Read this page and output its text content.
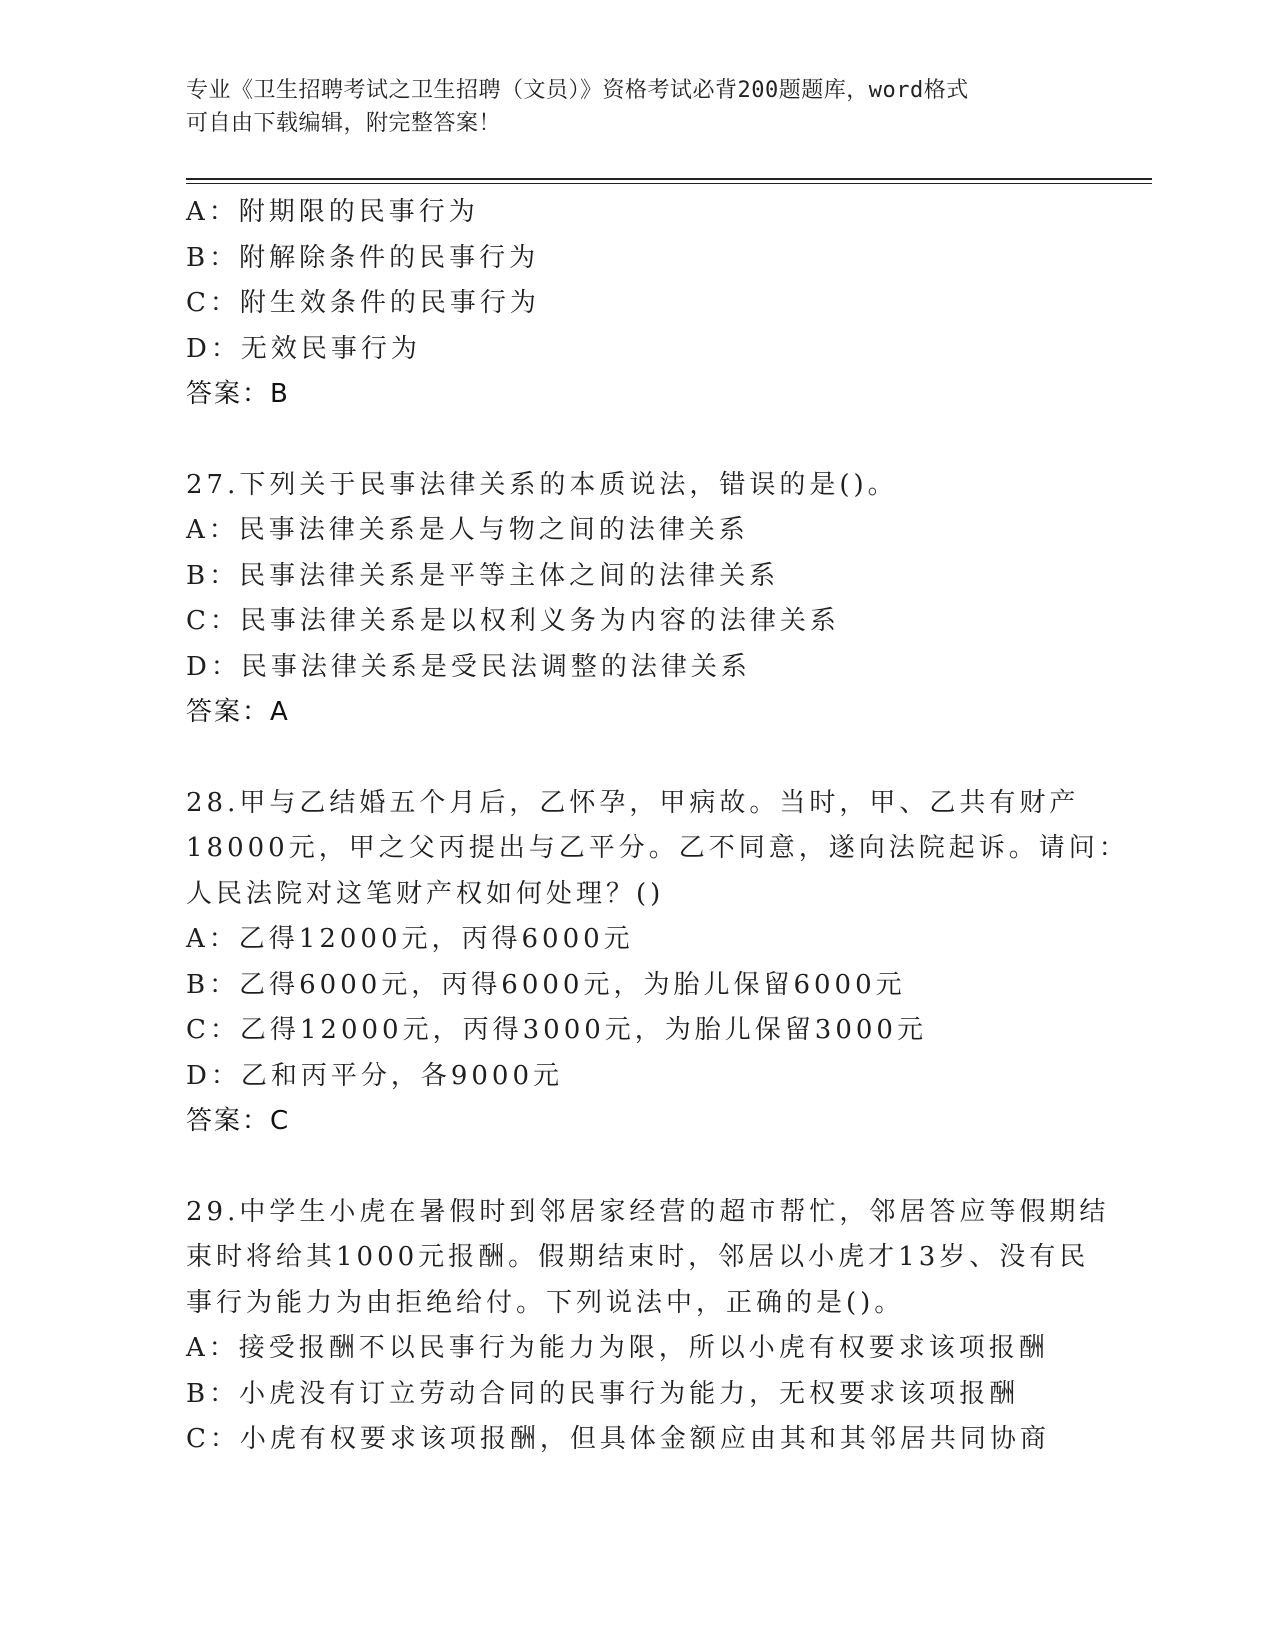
专业《卫生招聘考试之卫生招聘（文员）》资格考试必背200题题库，word格式
可自由下载编辑，附完整答案！
A：附期限的民事行为
B：附解除条件的民事行为
C：附生效条件的民事行为
D：无效民事行为
答案：B
27.下列关于民事法律关系的本质说法，错误的是()。
A：民事法律关系是人与物之间的法律关系
B：民事法律关系是平等主体之间的法律关系
C：民事法律关系是以权利义务为内容的法律关系
D：民事法律关系是受民法调整的法律关系
答案：A
28.甲与乙结婚五个月后，乙怀孕，甲病故。当时，甲、乙共有财产
18000元，甲之父丙提出与乙平分。乙不同意，遂向法院起诉。请问：
人民法院对这笔财产权如何处理？()
A：乙得12000元，丙得6000元
B：乙得6000元，丙得6000元，为胎儿保留6000元
C：乙得12000元，丙得3000元，为胎儿保留3000元
D：乙和丙平分，各9000元
答案：C
29.中学生小虎在暑假时到邻居家经营的超市帮忙，邻居答应等假期结
束时将给其1000元报酬。假期结束时，邻居以小虎才13岁、没有民
事行为能力为由拒绝给付。下列说法中，正确的是()。
A：接受报酬不以民事行为能力为限，所以小虎有权要求该项报酬
B：小虎没有订立劳动合同的民事行为能力，无权要求该项报酬
C：小虎有权要求该项报酬，但具体金额应由其和其邻居共同协商
